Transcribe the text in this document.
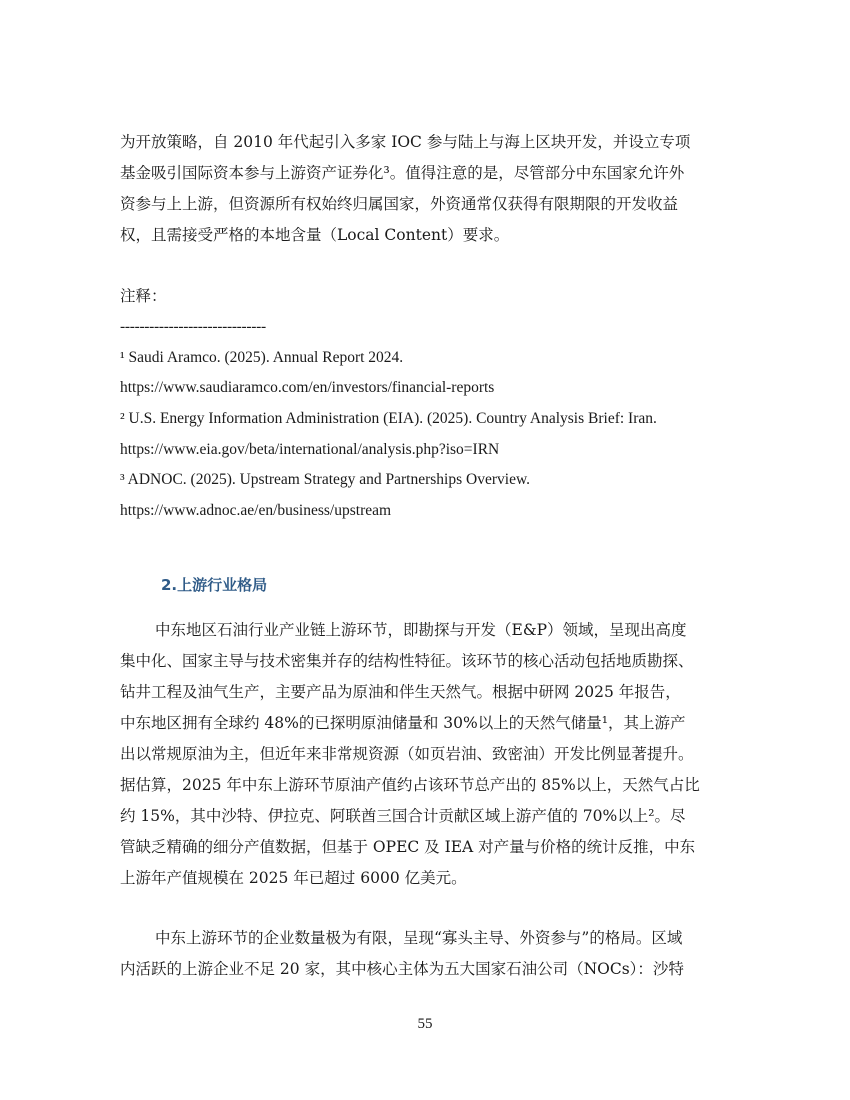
为开放策略，自 2010 年代起引入多家 IOC 参与陆上与海上区块开发，并设立专项
基金吸引国际资本参与上游资产证券化³。值得注意的是，尽管部分中东国家允许外
资参与上上游，但资源所有权始终归属国家，外资通常仅获得有限期限的开发收益
权，且需接受严格的本地含量（Local Content）要求。
注释：
------------------------------
¹ Saudi Aramco. (2025). Annual Report 2024.
https://www.saudiaramco.com/en/investors/financial-reports
² U.S. Energy Information Administration (EIA). (2025). Country Analysis Brief: Iran.
https://www.eia.gov/beta/international/analysis.php?iso=IRN
³ ADNOC. (2025). Upstream Strategy and Partnerships Overview.
https://www.adnoc.ae/en/business/upstream
2.上游行业格局
中东地区石油行业产业链上游环节，即勘探与开发（E&P）领域，呈现出高度
集中化、国家主导与技术密集并存的结构性特征。该环节的核心活动包括地质勘探、
钻井工程及油气生产，主要产品为原油和伴生天然气。根据中研网 2025 年报告，
中东地区拥有全球约 48%的已探明原油储量和 30%以上的天然气储量¹，其上游产
出以常规原油为主，但近年来非常规资源（如页岩油、致密油）开发比例显著提升。
据估算，2025 年中东上游环节原油产值约占该环节总产出的 85%以上，天然气占比
约 15%，其中沙特、伊拉克、阿联酋三国合计贡献区域上游产值的 70%以上²。尽
管缺乏精确的细分产值数据，但基于 OPEC 及 IEA 对产量与价格的统计反推，中东
上游年产值规模在 2025 年已超过 6000 亿美元。
中东上游环节的企业数量极为有限，呈现“寡头主导、外资参与”的格局。区域
内活跃的上游企业不足 20 家，其中核心主体为五大国家石油公司（NOCs）：沙特
55
